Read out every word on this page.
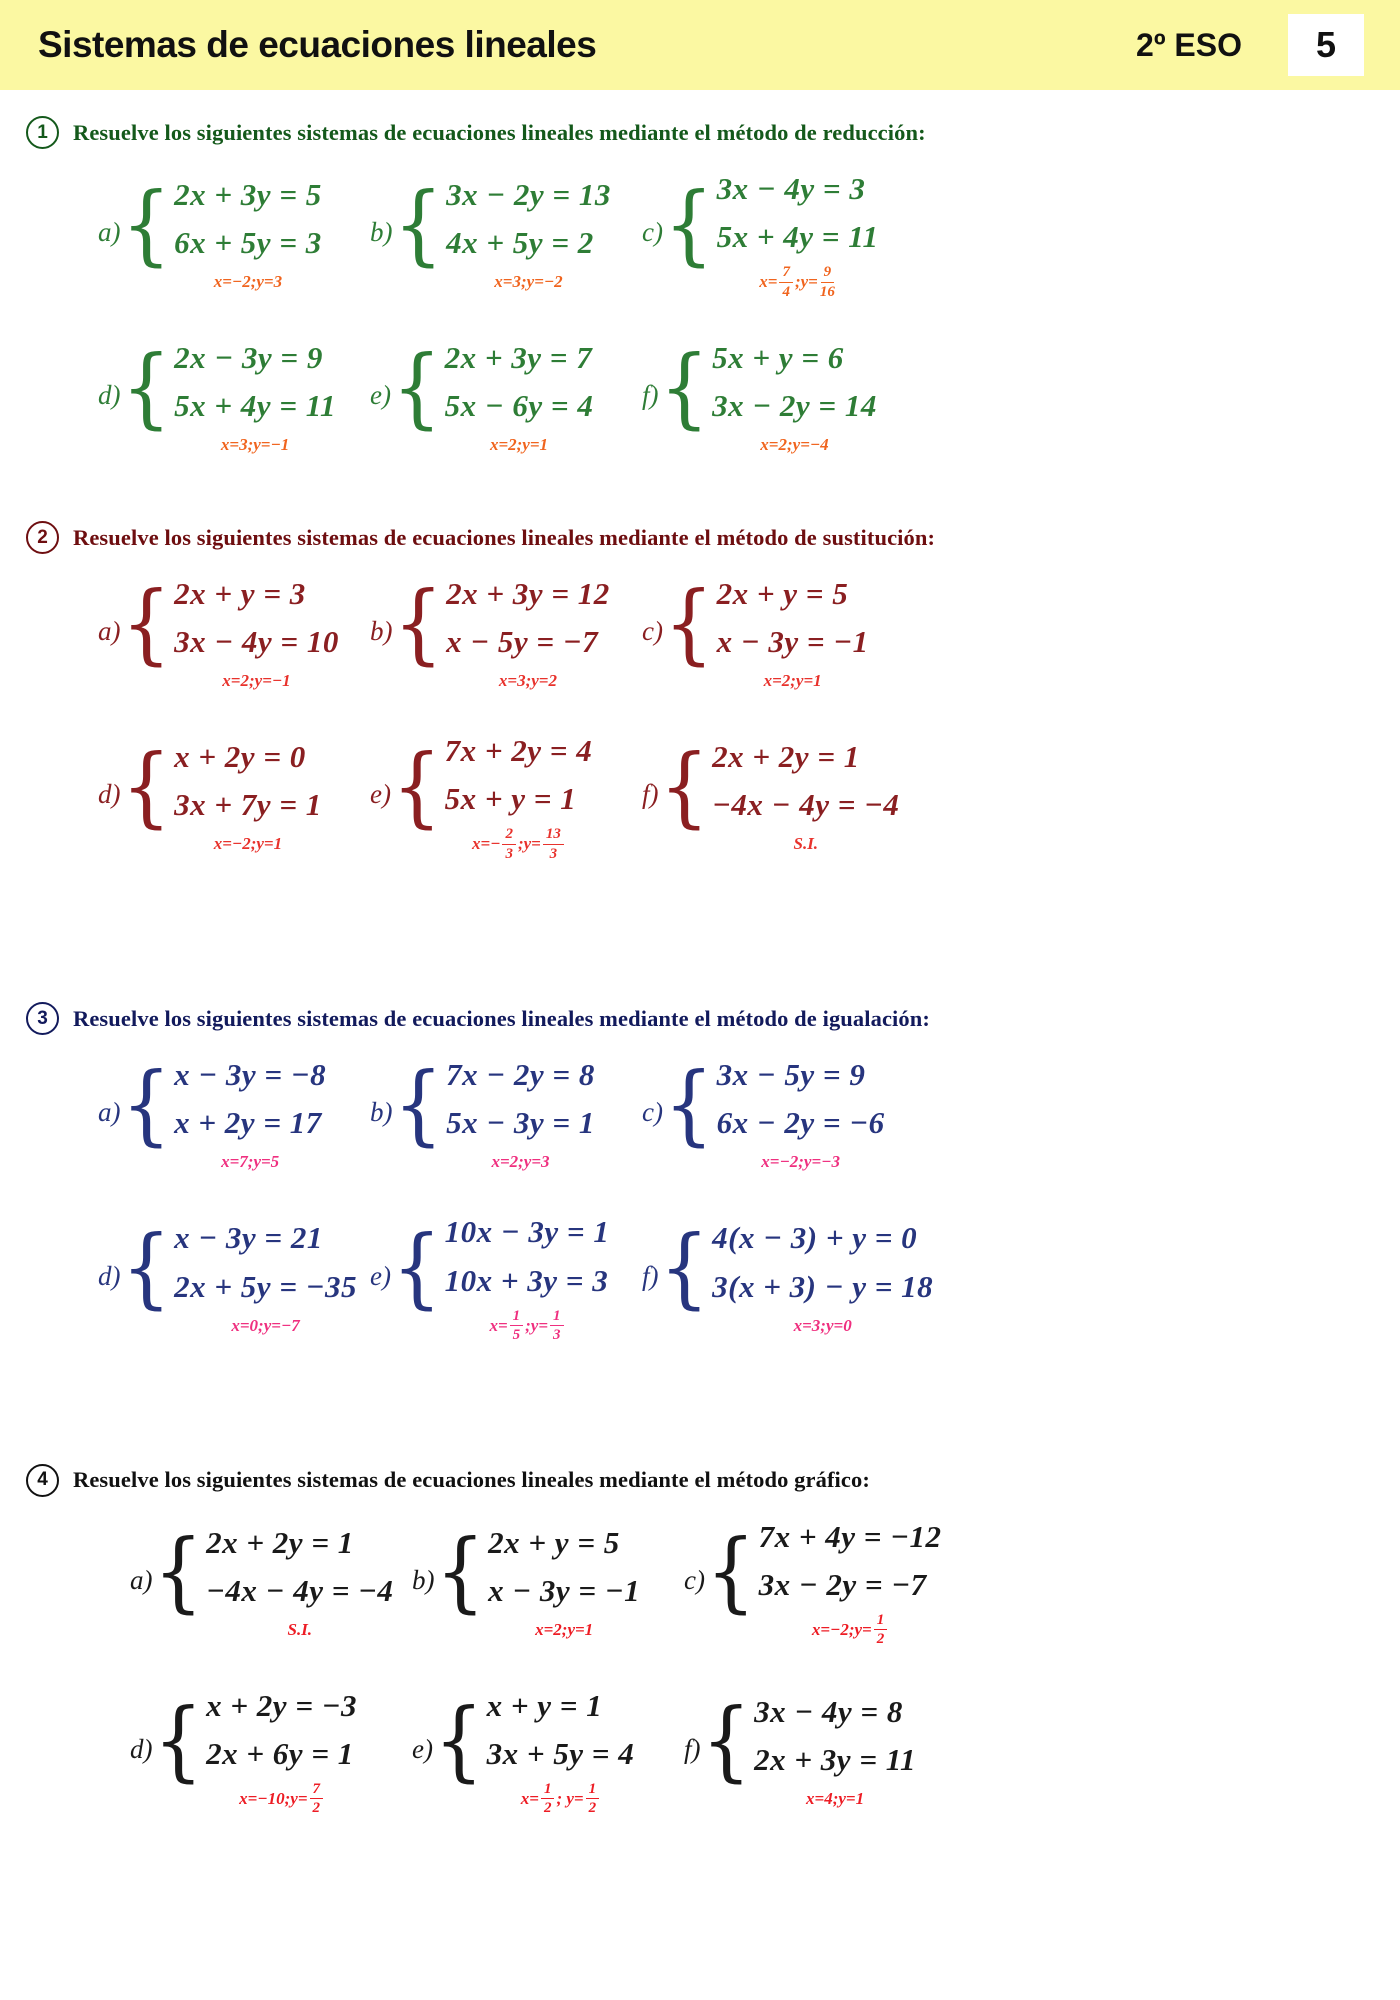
Sistemas de ecuaciones lineales	2º ESO	5
1	Resuelve los siguientes sistemas de ecuaciones lineales mediante el método de reducción:
a) { 2x + 3y = 5
6x + 5y = 3
x=−2;y=3
b) { 3x − 2y = 13
4x + 5y = 2
x=3;y=−2
c) { 3x − 4y = 3
5x + 4y = 11
$x= \frac{7}{4}$ ;y= $\frac{9}{16}$
d) { 2x − 3y = 9
5x + 4y = 11
x=3;y=−1
e) { 2x + 3y = 7
5x − 6y = 4
x=2;y=1
f) { 5x + y = 6
3x − 2y = 14
x=2;y=−4
2	Resuelve los siguientes sistemas de ecuaciones lineales mediante el método de sustitución:
a) { 2x + y = 3
3x − 4y = 10
x=2;y=−1
b) { 2x + 3y = 12
x − 5y = −7
x=3;y=2
c) { 2x + y = 5
x − 3y = −1
x=2;y=1
d) { x + 2y = 0
3x + 7y = 1
x=−2;y=1
e) { 7x + 2y = 4
5x + y = 1
$x=- \frac{2}{3}$ ;y= $\frac{13}{3}$
f) { 2x + 2y = 1
−4x − 4y = −4
S.I.
3	Resuelve los siguientes sistemas de ecuaciones lineales mediante el método de igualación:
a) { x − 3y = −8
x + 2y = 17
x=7;y=5
b) { 7x − 2y = 8
5x − 3y = 1
x=2;y=3
c) { 3x − 5y = 9
6x − 2y = −6
x=−2;y=−3
d) { x − 3y = 21
2x + 5y = −35
x=0;y=−7
e) { 10x − 3y = 1
10x + 3y = 3
$x= \frac{1}{5}$ ;y= $\frac{1}{3}$
f) { 4(x − 3) + y = 0
3(x + 3) − y = 18
x=3;y=0
4	Resuelve los siguientes sistemas de ecuaciones lineales mediante el método gráfico:
a) { 2x + 2y = 1
−4x − 4y = −4
S.I.
b) { 2x + y = 5
x − 3y = −1
x=2;y=1
c) { 7x + 4y = −12
3x − 2y = −7
x=−2;y= $\frac{1}{2}$
d) { x + 2y = −3
2x + 6y = 1
x=−10;y= $\frac{7}{2}$
e) { x + y = 1
3x + 5y = 4
$x= \frac{1}{2}$ ; $y= \frac{1}{2}$
f) { 3x − 4y = 8
2x + 3y = 11
x=4;y=1
